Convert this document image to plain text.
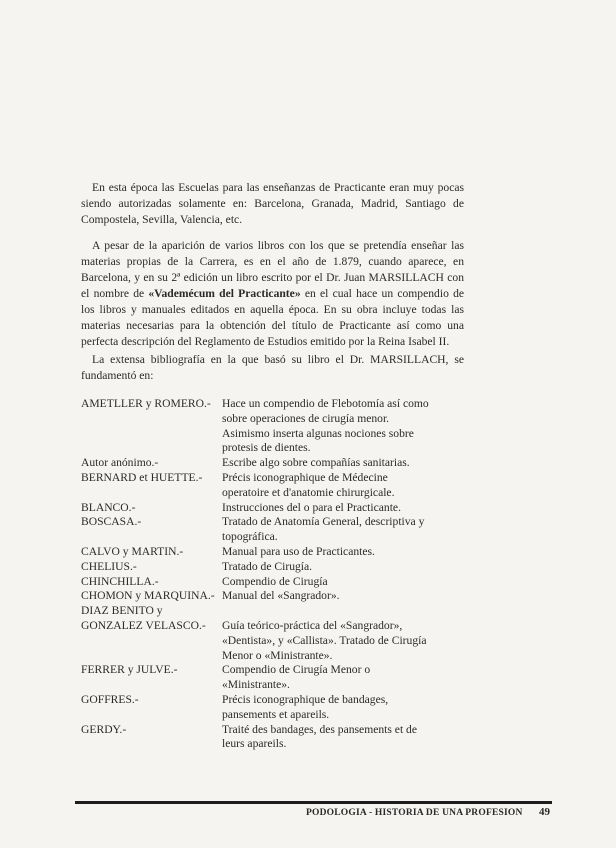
En esta época las Escuelas para las enseñanzas de Practicante eran muy pocas siendo autorizadas solamente en: Barcelona, Granada, Madrid, Santiago de Compostela, Sevilla, Valencia, etc.

A pesar de la aparición de varios libros con los que se pretendía enseñar las materias propias de la Carrera, es en el año de 1.879, cuando aparece, en Barcelona, y en su 2ª edición un libro escrito por el Dr. Juan MARSILLACH con el nombre de «Vademécum del Practicante» en el cual hace un compendio de los libros y manuales editados en aquella época. En su obra incluye todas las materias necesarias para la obtención del título de Practicante así como una perfecta descripción del Reglamento de Estudios emitido por la Reina Isabel II.

La extensa bibliografía en la que basó su libro el Dr. MARSILLACH, se fundamentó en:

AMETLLER y ROMERO.- Hace un compendio de Flebotomía así como
sobre operaciones de cirugía menor.
Asimismo inserta algunas nociones sobre
protesis de dientes.
Autor anónimo.-	Escribe algo sobre compañías sanitarias.
BERNARD et HUETTE.-	Précis iconographique de Médecine
operatoire et d'anatomie chirurgicale.
BLANCO.-	Instrucciones del o para el Practicante.
BOSCASA.-	Tratado de Anatomía General, descriptiva y
topográfica.
CALVO y MARTIN.-	Manual para uso de Practicantes.
CHELIUS.-	Tratado de Cirugía.
CHINCHILLA.-	Compendio de Cirugía
CHOMON y MARQUINA.- Manual del «Sangrador».
DIAZ BENITO y
GONZALEZ VELASCO.-	Guía teórico-práctica del «Sangrador»,
«Dentista», y «Callista». Tratado de Cirugía
Menor o «Ministrante».
FERRER y JULVE.-	Compendio de Cirugía Menor o
«Ministrante».
GOFFRES.-	Précis iconographique de bandages,
pansements et apareils.
GERDY.-	Traité des bandages, des pansements et de
leurs apareils.
PODOLOGIA - HISTORIA DE UNA PROFESION 49
